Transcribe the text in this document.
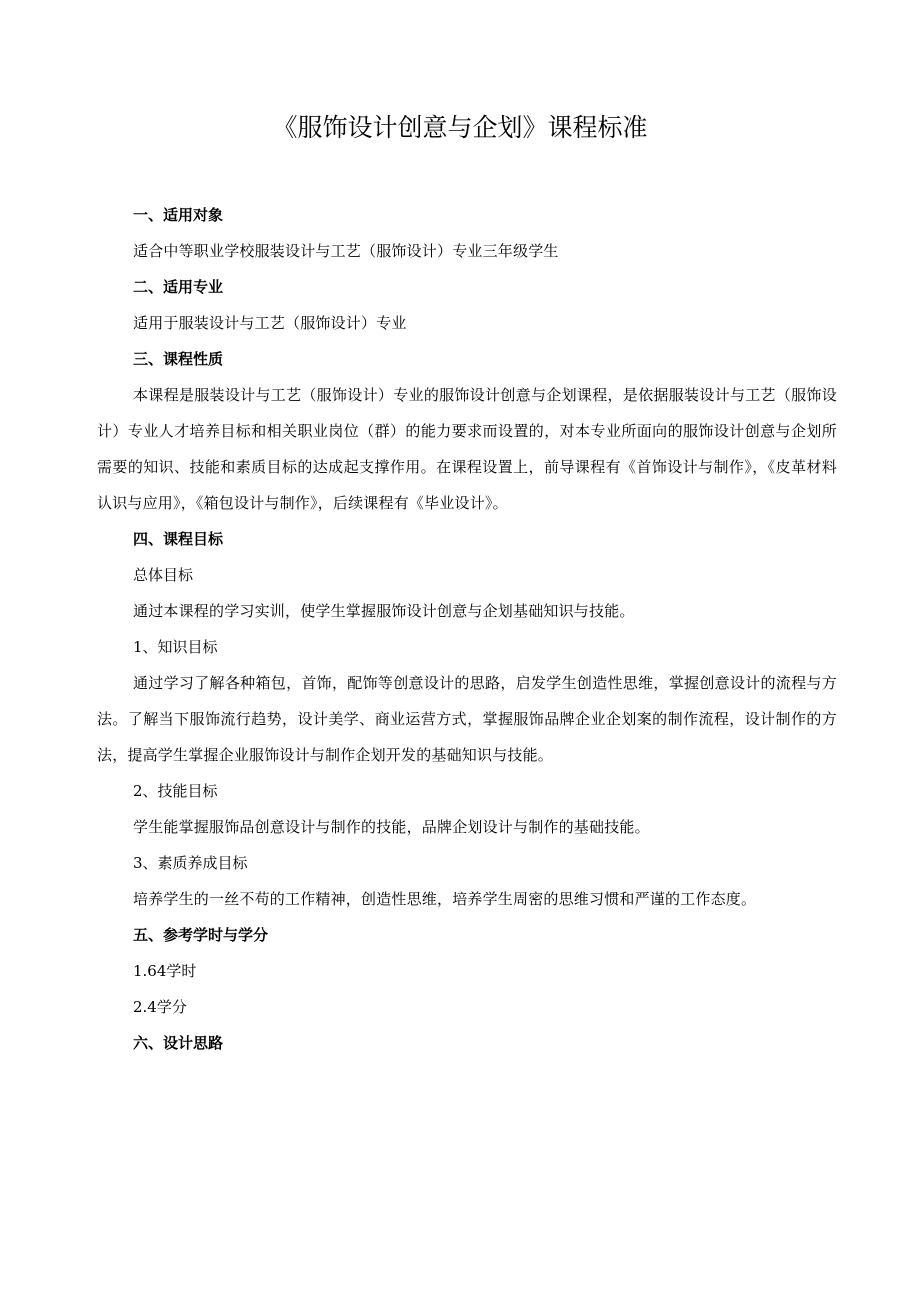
《服饰设计创意与企划》课程标准

一、适用对象

适合中等职业学校服装设计与工艺（服饰设计）专业三年级学生

二、适用专业

适用于服装设计与工艺（服饰设计）专业

三、课程性质

本课程是服装设计与工艺（服饰设计）专业的服饰设计创意与企划课程，是依据服装设计与工艺（服饰设计）专业人才培养目标和相关职业岗位（群）的能力要求而设置的，对本专业所面向的服饰设计创意与企划所需要的知识、技能和素质目标的达成起支撑作用。在课程设置上，前导课程有《首饰设计与制作》，《皮革材料认识与应用》，《箱包设计与制作》，后续课程有《毕业设计》。

四、课程目标

总体目标

通过本课程的学习实训，使学生掌握服饰设计创意与企划基础知识与技能。

1、知识目标

通过学习了解各种箱包，首饰，配饰等创意设计的思路，启发学生创造性思维，掌握创意设计的流程与方法。了解当下服饰流行趋势，设计美学、商业运营方式，掌握服饰品牌企业企划案的制作流程，设计制作的方法，提高学生掌握企业服饰设计与制作企划开发的基础知识与技能。

2、技能目标

学生能掌握服饰品创意设计与制作的技能，品牌企划设计与制作的基础技能。

3、素质养成目标

培养学生的一丝不苟的工作精神，创造性思维，培养学生周密的思维习惯和严谨的工作态度。

五、参考学时与学分

1.64学时

2.4学分

六、设计思路
